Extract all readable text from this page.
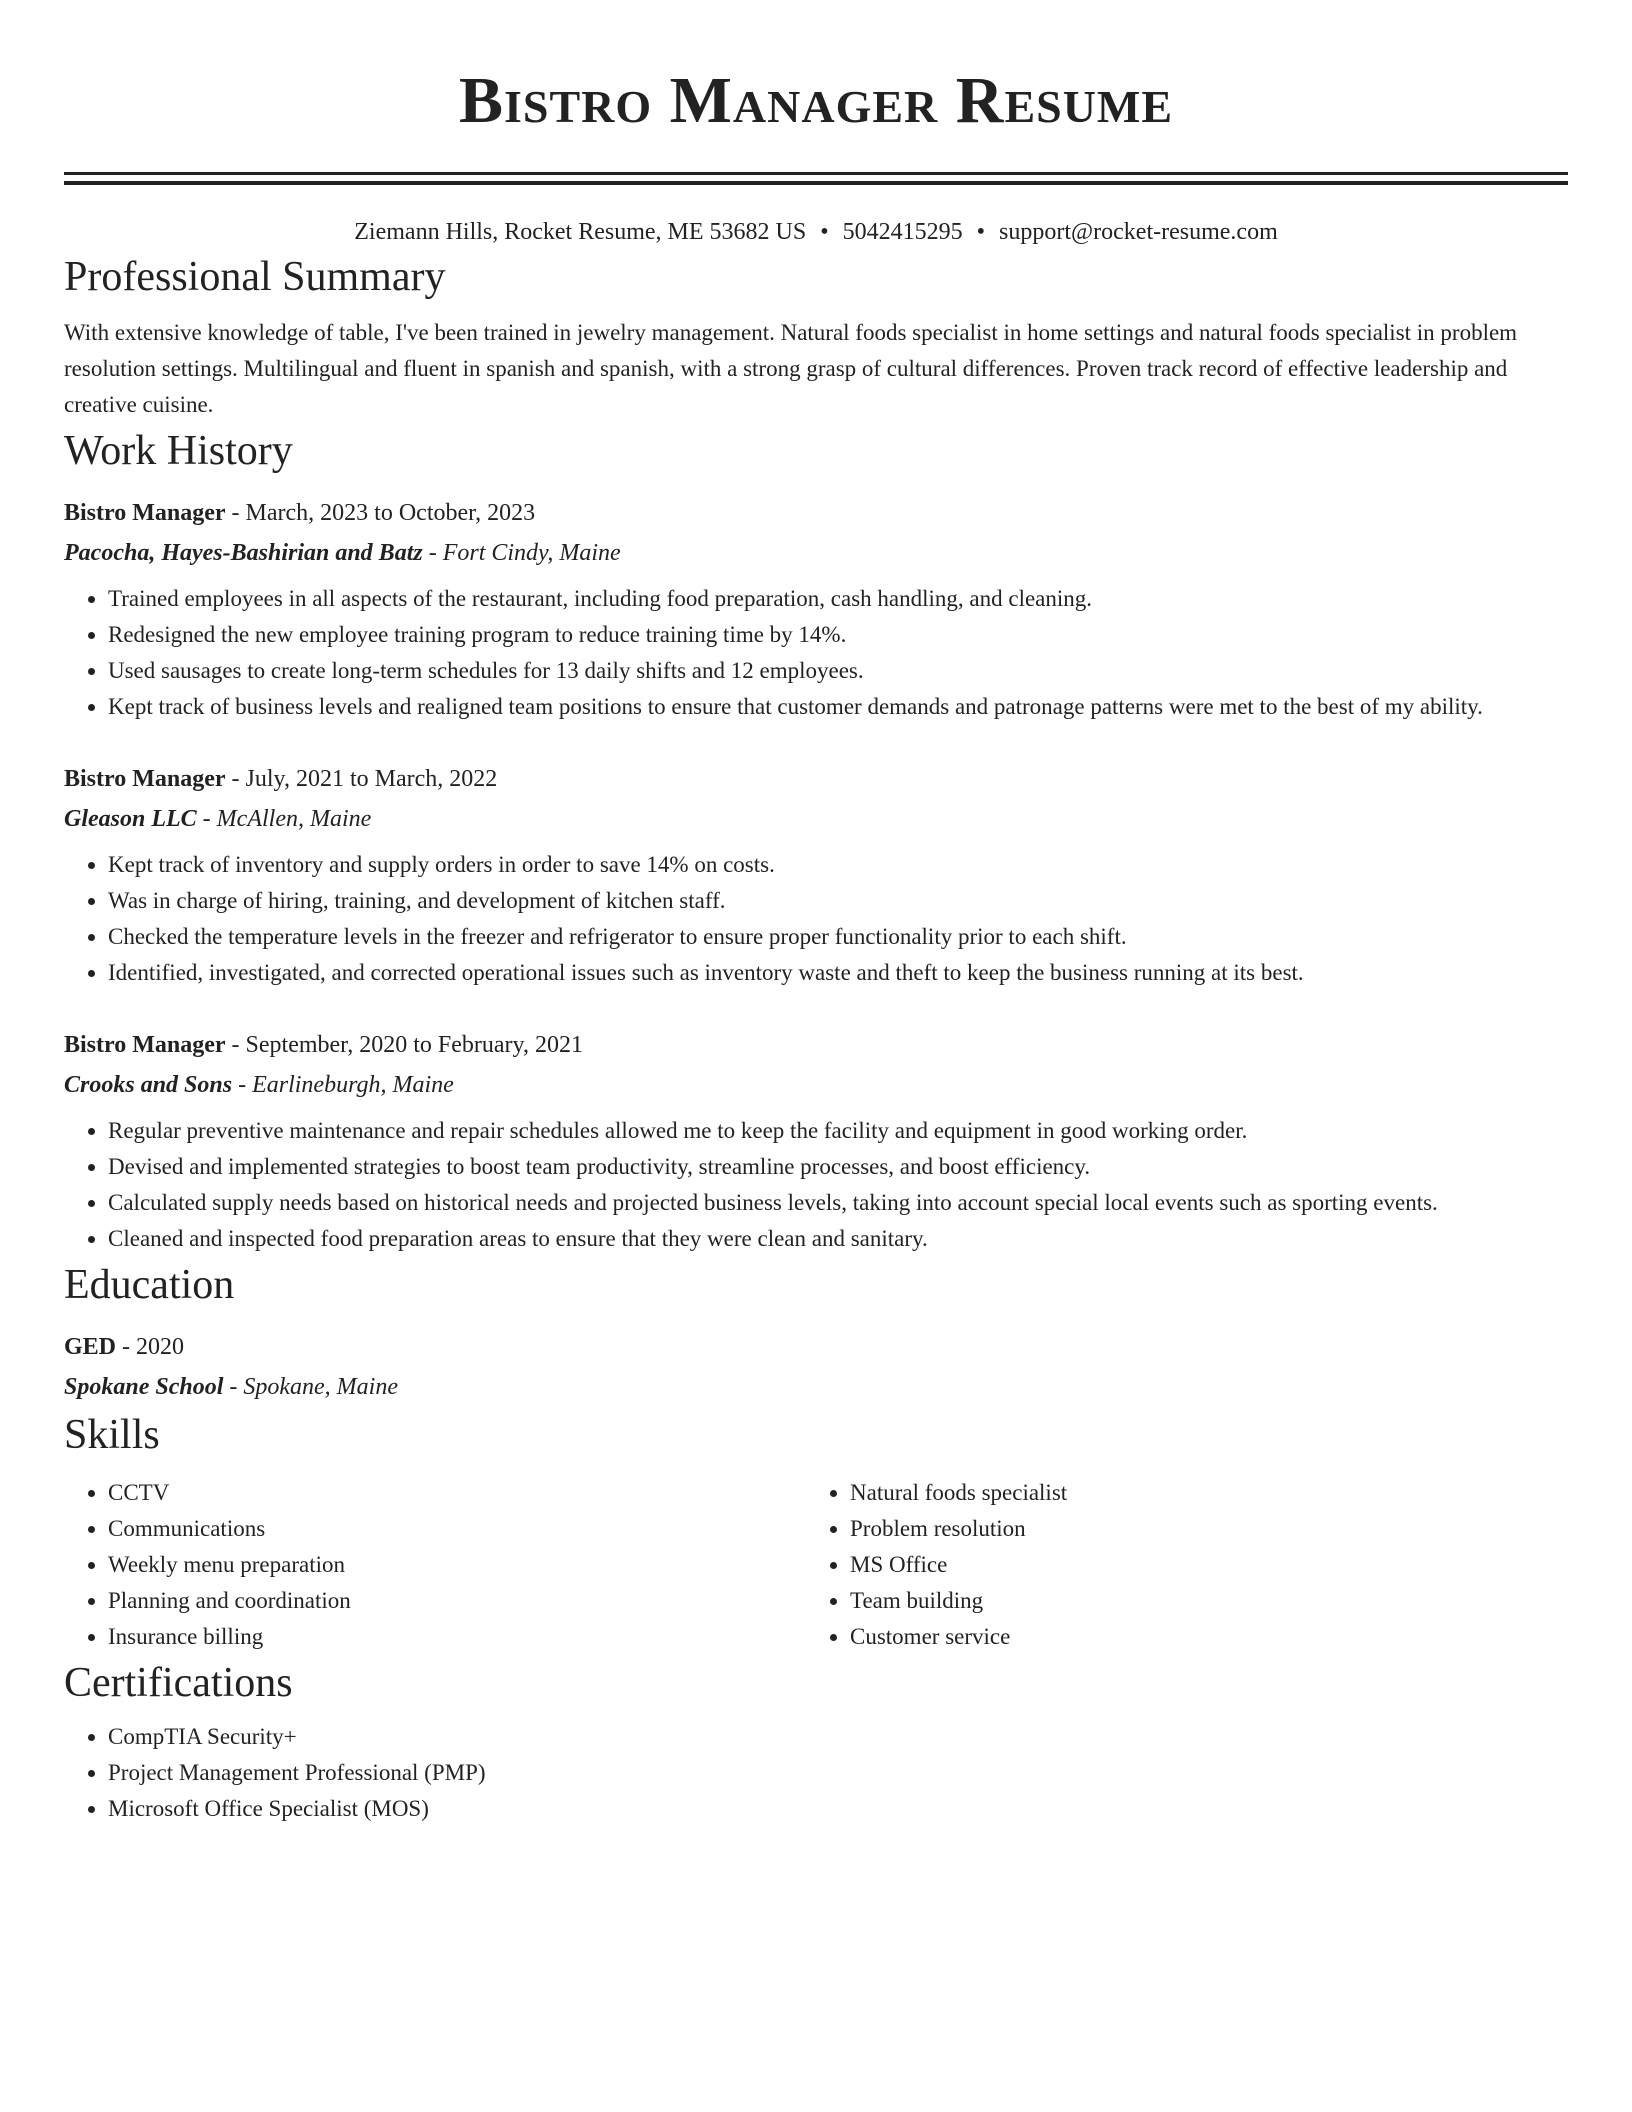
Bistro Manager Resume
Ziemann Hills, Rocket Resume, ME 53682 US • 5042415295 • support@rocket-resume.com
Professional Summary

With extensive knowledge of table, I've been trained in jewelry management. Natural foods specialist in home settings and natural foods specialist in problem resolution settings. Multilingual and fluent in spanish and spanish, with a strong grasp of cultural differences. Proven track record of effective leadership and creative cuisine.

Work History
Bistro Manager - March, 2023 to October, 2023
Pacocha, Hayes-Bashirian and Batz - Fort Cindy, Maine
• Trained employees in all aspects of the restaurant, including food preparation, cash handling, and cleaning.
• Redesigned the new employee training program to reduce training time by 14%.
• Used sausages to create long-term schedules for 13 daily shifts and 12 employees.
• Kept track of business levels and realigned team positions to ensure that customer demands and patronage patterns were met to the best of my ability.
Bistro Manager - July, 2021 to March, 2022
Gleason LLC - McAllen, Maine
• Kept track of inventory and supply orders in order to save 14% on costs.
• Was in charge of hiring, training, and development of kitchen staff.
• Checked the temperature levels in the freezer and refrigerator to ensure proper functionality prior to each shift.
• Identified, investigated, and corrected operational issues such as inventory waste and theft to keep the business running at its best.
Bistro Manager - September, 2020 to February, 2021
Crooks and Sons - Earlineburgh, Maine
• Regular preventive maintenance and repair schedules allowed me to keep the facility and equipment in good working order.
• Devised and implemented strategies to boost team productivity, streamline processes, and boost efficiency.
• Calculated supply needs based on historical needs and projected business levels, taking into account special local events such as sporting events.
• Cleaned and inspected food preparation areas to ensure that they were clean and sanitary.
Education
GED - 2020
Spokane School - Spokane, Maine
Skills
• CCTV
• Communications
• Weekly menu preparation
• Planning and coordination
• Insurance billing
• Natural foods specialist
• Problem resolution
• MS Office
• Team building
• Customer service
Certifications
• CompTIA Security+
• Project Management Professional (PMP)
• Microsoft Office Specialist (MOS)
